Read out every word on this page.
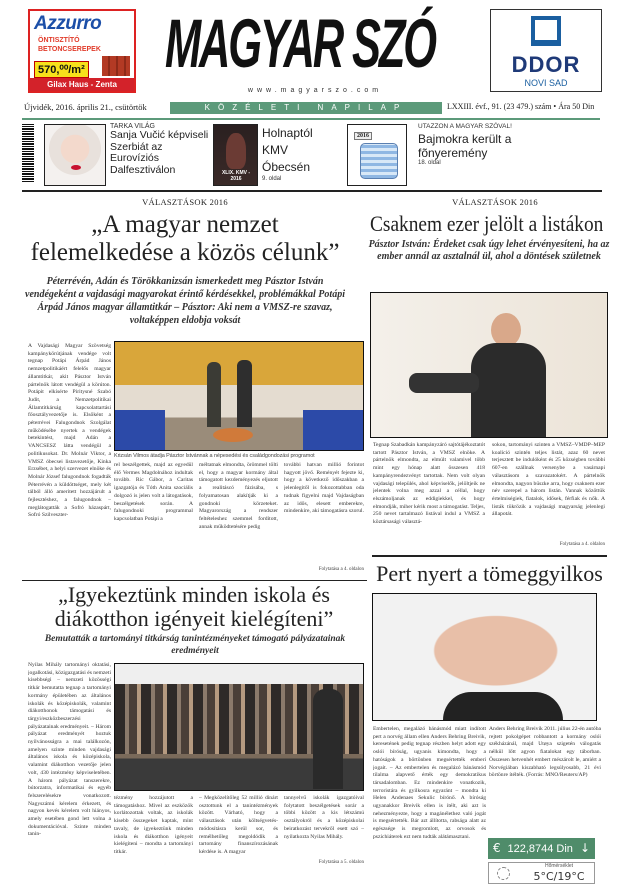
Azzurro
ÖNTISZTÍTÓ
BETONCSEREPEK
570,⁰⁰/m²
Gilax Haus - Zenta
MAGYAR SZÓ
www.magyarszo.com
DDOR
NOVI SAD
Újvidék, 2016. április 21., csütörtök	KÖZÉLETI NAPILAP	LXXIII. évf., 91. (23 479.) szám • Ára 50 Din
TARKA VILÁG
Sanja Vučić képviseli Szerbiát az Eurovíziós Dalfesztiválon	XLIX. KMV - 2016
Holnaptól KMV Óbecsén
9. oldal
2016
UTAZZON A MAGYAR SZÓVAL!
Bajmokra került a fõnyeremény
18. oldal
VÁLASZTÁSOK 2016
„A magyar nemzet felemelkedése a közös célunk”
Péterrévén, Adán és Törökkanizsán ismerkedett meg Pásztor István vendégeként a vajdasági magyarokat érintő kérdésekkel, problémákkal Potápi Árpád János magyar államtitkár – Pásztor: Aki nem a VMSZ-re szavaz, voltaképpen eldobja voksát
A Vajdasági Magyar Szövetség kampánykörútjának vendége volt tegnap Potápi Árpád János nemzetpolitikáért felelős magyar államtitkár, akit Pásztor István pártelnök látott vendégül a körúton. Potápit elkísérte Piritysné Szabó Judit, a Nemzetpolitikai Államtitkárság kapcsolattartási főosztályvezetője is. Elsőként a péterrévei Falugondnok Szolgálat működésébe nyertek a vendégek betekintést, majd Adán a VANCSESZ látta vendégül a politikusokat. Dr. Molnár Viktor, a VMSZ óbecsei listavezetője, Kinka Erzsébet, a helyi szervezet elnöke és Molnár József falugondnok fogadták Péterrévén a küldöttséget, mely két tálból álló ameritett hozzájárult a fejlesztéshez, a falugondnok – meglátogatták a Sofró házaspárt, Sofró Szilveszter-
Krizsán Vilmos átadja Pásztor Istvánnak a népesedési és családgondozási programot
rel beszélgettek, majd az egyedül élő Vermes Magdolnához indultak tovább. Ric Gábor, a Caritas igazgatója és Tóth Anita szociális dolgozó is jelen volt a látogatások, beszélgetések során. A falugondnoki programmal kapcsolatban Potápi a
méltatnak elmondta, örömmel tölti el, hogy a magyar kormány által támogatott kezdeményezés eljutott a realitáscó fázisába, s folyamatosan alakítják ki a gondnoki körzeteket. Magyarország a rendszer feltételeshez szemmel fordított, annak működtetésére pedig
további hatvan millió forintot hagyott jövő. Reményét fejezte ki, hogy a következő időszakban a jelenlegitől is fokozottabban oda tudnak figyelni majd Vajdaságban az idős, elesett emberekre, mindenkire, aki támogatásra szorul.
Folytatása a 4. oldalon
VÁLASZTÁSOK 2016
Csaknem ezer jelölt a listákon
Pásztor István: Érdeket csak úgy lehet érvényesíteni, ha az ember annál az asztalnál ül, ahol a döntések születnek
Tegnap Szabadkán kampányzáró sajtótájékoztatót tartott Pásztor István, a VMSZ elnöke. A pártelnök elmondta, az elmúlt valamivel több mint egy hónap alatt összesen 418 kampányrendezvényt tartottak. Nem volt olyan vajdasági település, ahol képviselők, jelöltjeik ne jelentek volna meg azzal a céllal, hogy elszámoljanak az eddigiekkel, és hogy elmondják, miher kérik most a támogatást. Teljes, 250 nevet tartalmazó listával indul a VMSZ a köztársasági választá-
sokon, tartományi szinten a VMSZ–VMDP–MEP koalíció szintén teljes listát, azaz 60 nevet terjesztett be indulóként és 25 községben további 607-en szállnak versenybe a vasárnapi választásom a szavazatokért. A pártelnök elmondta, nagyon büszke arra, hogy csaknem ezer név szerepel a három listán. Vannak közöttük értelmiségiek, fiatalok, idősek, férfiak és nők. A listák tükrözik a vajdasági magyarság jelenlegi állapotát.
Folytatása a 4. oldalon
Pert nyert a tömeggyilkos
Embertelen, megalázó bánásmód miatt indított pert a norvég állam ellen Anders Behring Breivik, keresetének pedig tegnap részben helyt adott egy oslói bíróság, ugyanis kimondta, hogy a hatóságok a börtönben megsértették emberi jogait. – Az embertelen és megalázó bánásmód tilalma alapvető érték egy demokratikus társadalomban. Ez mindenkire vonatkozik, terroristára és gyilkosra egyaránt – mondta ki Helen Andenaes Sekulic bírónő. A bíróság ugyanakkor Breivik ellen is ítélt, aki azt is nehezményezte, hogy a magánélethez való jogát is megsértették. Bár azt állította, rabsága alatt az egészsége is megromlott, az orvosok és pszichiáterek ezt nem tudták alátámasztani.
Anders Behring Breivik 2011. július 22-én autóba rejtett pokolgépet robbantott a kormány oslói székházánál, majd Utøya szigetén válogatás nélkül lőtt agyon fiatalokat egy táborban. Összesen hetvenhét embert mészárolt le, amiért a Norvégiában kiszabható legsúlyosabb, 21 évi börtönre ítélték. (Forrás: MNO/Reuters/AP)
€ 122,8744 Din ↓
Hőmérséklet
5°C/19°C
„Igyekeztünk minden iskola és diákotthon igényeit kielégíteni”
Bemutatták a tartományi titkárság tanintézményeket támogató pályázatainak eredményeit
Nyilas Mihály tartományi oktatási, jogalkotási, közigazgatási és nemzeti kisebbségi – nemzeti közösségi titkár bemutatta tegnap a tartományi kormány épületében az általános iskolák és középiskolák, valamint diákotthonok támogatási és tárgyi/eszközbeszerzési pályázatainak eredményeit. – Három pályázat eredményét hoztuk nyilvánosságra a mai találkozón, amelyen szinte minden vajdasági általános iskola és középiskola, valamint diákotthon vezetője jelen volt, 430 intézmény képviseletében. A három pályázat tanszerekre, bútorzatra, informatikai és egyéb felszerelésekre vonatkozott. Nagyszámú kérelem érkezett, és nagyon kevés kérelem volt hiányos, amely esetében gond lett volna a dokumentációval. Szinte minden tanin-
tézmény hozzájutott a támogatáshoz. Mivel az eszközök korlátozottak voltak, az iskolák kisebb összegeket kaptak, mint tavaly, de igyekeztünk minden iskola és diákotthon igényeit kielégíteni – mondta a tartományi titkár.
– Megközelítőleg 52 millió dinárt osztottunk el a tanintézmények között. Várható, hogy a választások után költségvetés-módosításra kerül sor, és remélhetőleg megoldódik a tartomány finanszírozásának kérdése is. A magyar
tannyelvű iskolák igazgatóival folytatott beszélgetések sorár a többi között a kis létszámú osztályokról és a középiskolai beiratkozást tervekről esett szó – nyilatkozta Nyilas Mihály.
Folytatása a 5. oldalon
